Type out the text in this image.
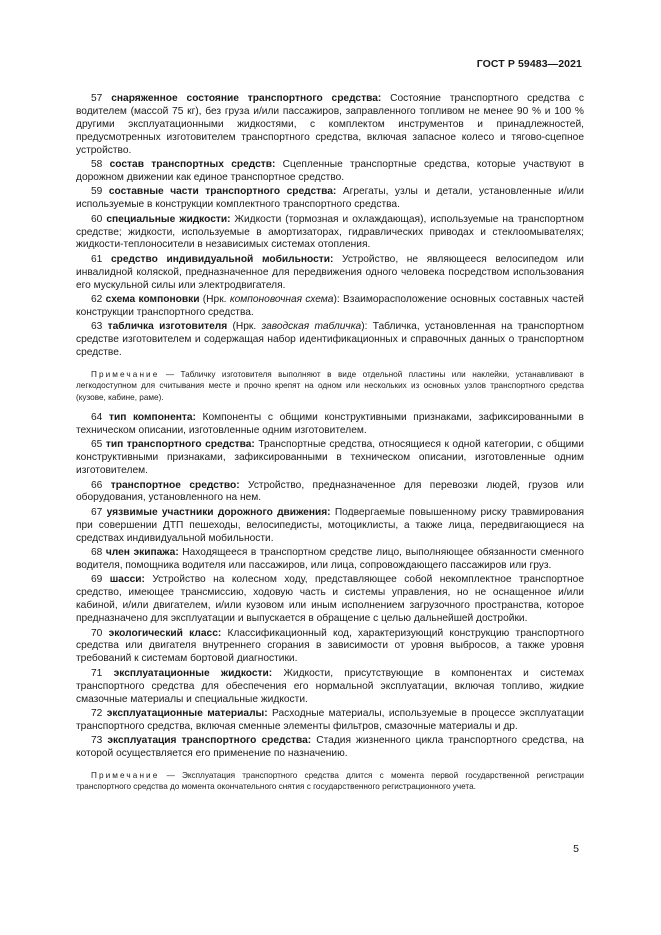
ГОСТ Р 59483—2021

57 снаряженное состояние транспортного средства: Состояние транспортного средства с водителем (массой 75 кг), без груза и/или пассажиров, заправленного топливом не менее 90 % и 100 % другими эксплуатационными жидкостями, с комплектом инструментов и принадлежностей, предусмотренных изготовителем транспортного средства, включая запасное колесо и тягово-сцепное устройство.

58 состав транспортных средств: Сцепленные транспортные средства, которые участвуют в дорожном движении как единое транспортное средство.

59 составные части транспортного средства: Агрегаты, узлы и детали, установленные и/или используемые в конструкции комплектного транспортного средства.

60 специальные жидкости: Жидкости (тормозная и охлаждающая), используемые на транспортном средстве; жидкости, используемые в амортизаторах, гидравлических приводах и стеклоомывателях; жидкости-теплоносители в независимых системах отопления.

61 средство индивидуальной мобильности: Устройство, не являющееся велосипедом или инвалидной коляской, предназначенное для передвижения одного человека посредством использования его мускульной силы или электродвигателя.

62 схема компоновки (Нрк. компоновочная схема): Взаиморасположение основных составных частей конструкции транспортного средства.

63 табличка изготовителя (Нрк. заводская табличка): Табличка, установленная на транспортном средстве изготовителем и содержащая набор идентификационных и справочных данных о транспортном средстве.

Примечание — Табличку изготовителя выполняют в виде отдельной пластины или наклейки, устанавливают в легкодоступном для считывания месте и прочно крепят на одном или нескольких из основных узлов транспортного средства (кузове, кабине, раме).

64 тип компонента: Компоненты с общими конструктивными признаками, зафиксированными в техническом описании, изготовленные одним изготовителем.

65 тип транспортного средства: Транспортные средства, относящиеся к одной категории, с общими конструктивными признаками, зафиксированными в техническом описании, изготовленные одним изготовителем.

66 транспортное средство: Устройство, предназначенное для перевозки людей, грузов или оборудования, установленного на нем.

67 уязвимые участники дорожного движения: Подвергаемые повышенному риску травмирования при совершении ДТП пешеходы, велосипедисты, мотоциклисты, а также лица, передвигающиеся на средствах индивидуальной мобильности.

68 член экипажа: Находящееся в транспортном средстве лицо, выполняющее обязанности сменного водителя, помощника водителя или пассажиров, или лица, сопровождающего пассажиров или груз.

69 шасси: Устройство на колесном ходу, представляющее собой некомплектное транспортное средство, имеющее трансмиссию, ходовую часть и системы управления, но не оснащенное и/или кабиной, и/или двигателем, и/или кузовом или иным исполнением загрузочного пространства, которое предназначено для эксплуатации и выпускается в обращение с целью дальнейшей достройки.

70 экологический класс: Классификационный код, характеризующий конструкцию транспортного средства или двигателя внутреннего сгорания в зависимости от уровня выбросов, а также уровня требований к системам бортовой диагностики.

71 эксплуатационные жидкости: Жидкости, присутствующие в компонентах и системах транспортного средства для обеспечения его нормальной эксплуатации, включая топливо, жидкие смазочные материалы и специальные жидкости.

72 эксплуатационные материалы: Расходные материалы, используемые в процессе эксплуатации транспортного средства, включая сменные элементы фильтров, смазочные материалы и др.

73 эксплуатация транспортного средства: Стадия жизненного цикла транспортного средства, на которой осуществляется его применение по назначению.

Примечание — Эксплуатация транспортного средства длится с момента первой государственной регистрации транспортного средства до момента окончательного снятия с государственного регистрационного учета.

5
